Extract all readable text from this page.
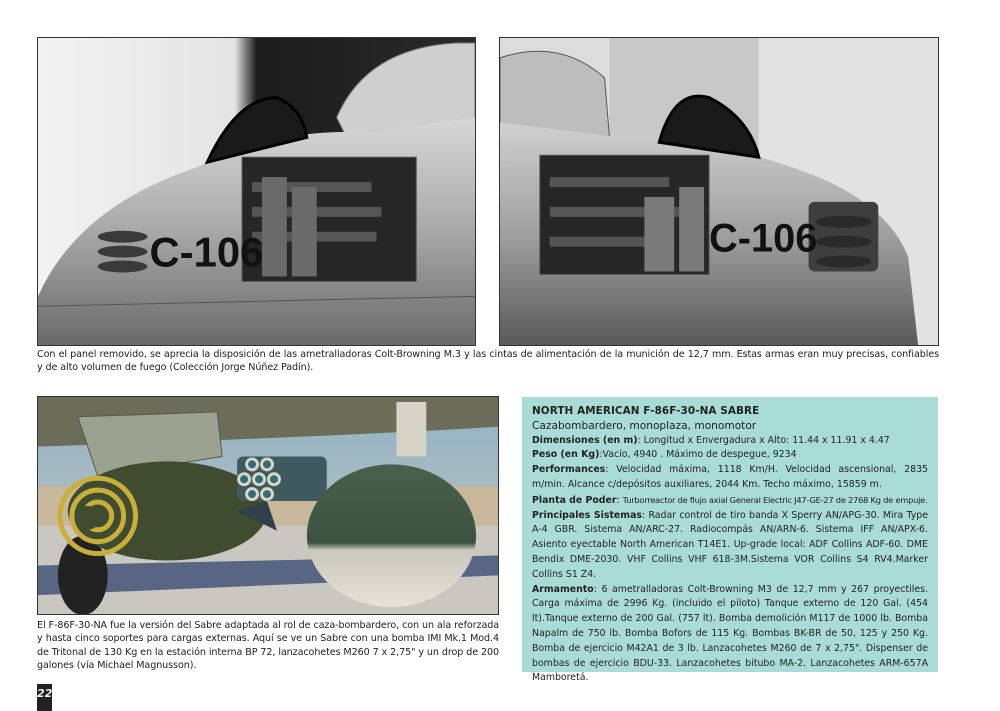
C-106	C-106
Con el panel removido, se aprecia la disposición de las ametralladoras Colt-Browning M.3 y las cintas de alimentación de la munición de 12,7 mm. Estas armas eran muy precisas, confiables y de alto volumen de fuego (Colección Jorge Núñez Padín).
El F-86F-30-NA fue la versión del Sabre adaptada al rol de caza-bombardero, con un ala reforzada y hasta cinco soportes para cargas externas. Aquí se ve un Sabre con una bomba IMI Mk.1 Mod.4 de Tritonal de 130 Kg en la estación interna BP 72, lanzacohetes M260 7 x 2,75" y un drop de 200 galones (vía Michael Magnusson).
NORTH AMERICAN F-86F-30-NA SABRE
Cazabombardero, monoplaza, monomotor
Dimensiones (en m): Longitud x Envergadura x Alto: 11.44 x 11.91 x 4.47
Peso (en Kg):Vacío, 4940 . Máximo de despegue, 9234
Performances: Velocidad máxima, 1118 Km/H. Velocidad ascensional, 2835 m/min. Alcance c/depósitos auxiliares, 2044 Km. Techo máximo, 15859 m.
Planta de Poder: Turborreactor de flujo axial General Electric J47-GE-27 de 2768 Kg de empuje.
Principales Sistemas: Radar control de tiro banda X Sperry AN/APG-30. Mira Type A-4 GBR. Sistema AN/ARC-27. Radiocompás AN/ARN-6. Sistema IFF AN/APX-6. Asiento eyectable North American T14E1. Up-grade local: ADF Collins ADF-60. DME Bendix DME-2030. VHF Collins VHF 618-3M.Sistema VOR Collins S4 RV4.Marker Collins S1 Z4.
Armamento: 6 ametralladoras Colt-Browning M3 de 12,7 mm y 267 proyectiles. Carga máxima de 2996 Kg. (incluido el piloto) Tanque externo de 120 Gal. (454 lt).Tanque externo de 200 Gal. (757 lt). Bomba demolición M117 de 1000 lb. Bomba Napalm de 750 lb. Bomba Bofors de 115 Kg. Bombas BK-BR de 50, 125 y 250 Kg. Bomba de ejercicio M42A1 de 3 lb. Lanzacohetes M260 de 7 x 2,75". Dispenser de bombas de ejercicio BDU-33. Lanzacohetes bitubo MA-2. Lanzacohetes ARM-657A Mamboretá.
22
